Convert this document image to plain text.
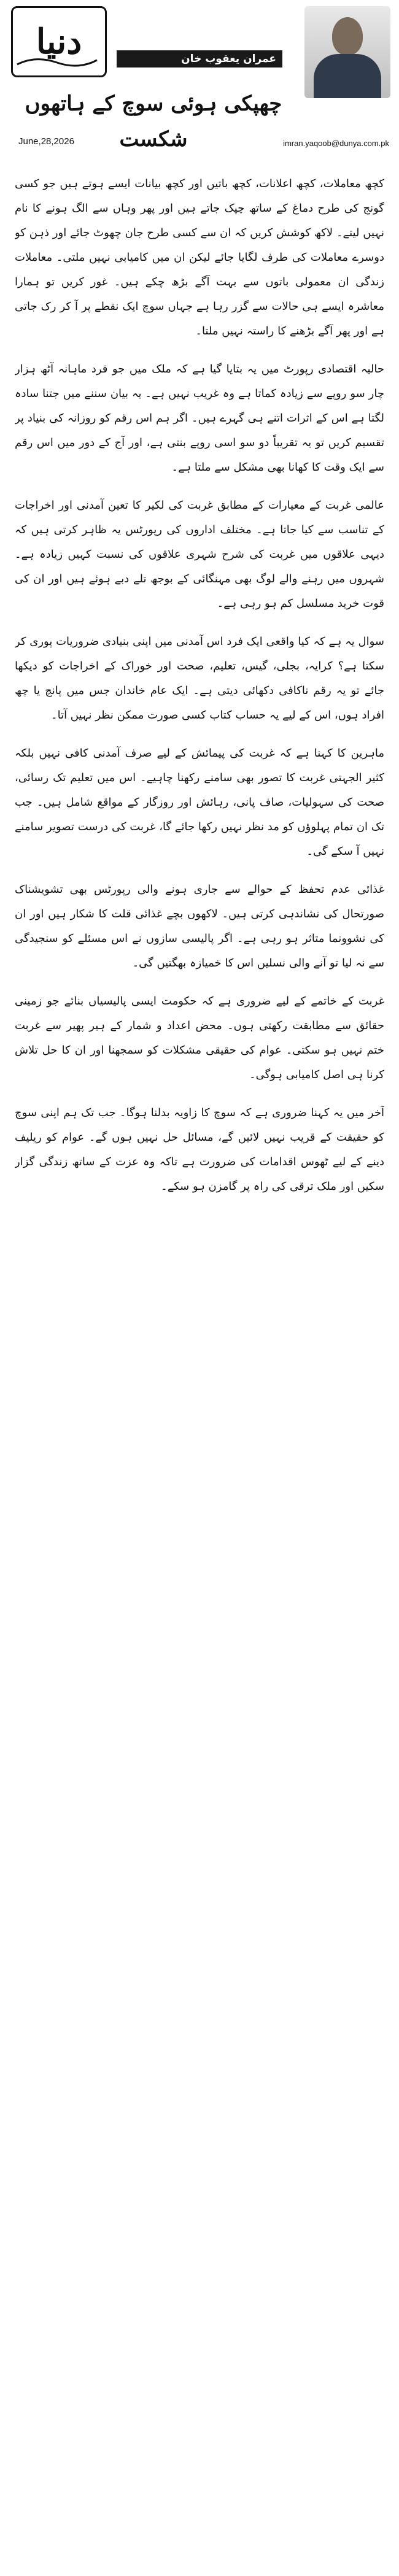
دنیا	عمران یعقوب خان
چھپکی ہوئی سوچ کے ہاتھوں شکست
June,28,2026	imran.yaqoob@dunya.com.pk

کچھ معاملات، کچھ اعلانات، کچھ باتیں اور کچھ بیانات ایسے ہوتے ہیں جو کسی گونج کی طرح دماغ کے ساتھ چپک جاتے ہیں اور پھر وہاں سے الگ ہونے کا نام نہیں لیتے۔ لاکھ کوشش کریں کہ ان سے کسی طرح جان چھوٹ جائے اور ذہن کو دوسرے معاملات کی طرف لگایا جائے لیکن ان میں کامیابی نہیں ملتی۔ معاملات زندگی ان معمولی باتوں سے بہت آگے بڑھ چکے ہیں۔ غور کریں تو ہمارا معاشرہ ایسے ہی حالات سے گزر رہا ہے جہاں سوچ ایک نقطے پر آ کر رک جاتی ہے اور پھر آگے بڑھنے کا راستہ نہیں ملتا۔

حالیہ اقتصادی رپورٹ میں یہ بتایا گیا ہے کہ ملک میں جو فرد ماہانہ آٹھ ہزار چار سو روپے سے زیادہ کماتا ہے وہ غریب نہیں ہے۔ یہ بیان سننے میں جتنا سادہ لگتا ہے اس کے اثرات اتنے ہی گہرے ہیں۔ اگر ہم اس رقم کو روزانہ کی بنیاد پر تقسیم کریں تو یہ تقریباً دو سو اسی روپے بنتی ہے، اور آج کے دور میں اس رقم سے ایک وقت کا کھانا بھی مشکل سے ملتا ہے۔

عالمی غربت کے معیارات کے مطابق غربت کی لکیر کا تعین آمدنی اور اخراجات کے تناسب سے کیا جاتا ہے۔ مختلف اداروں کی رپورٹس یہ ظاہر کرتی ہیں کہ دیہی علاقوں میں غربت کی شرح شہری علاقوں کی نسبت کہیں زیادہ ہے۔ شہروں میں رہنے والے لوگ بھی مہنگائی کے بوجھ تلے دبے ہوئے ہیں اور ان کی قوت خرید مسلسل کم ہو رہی ہے۔

سوال یہ ہے کہ کیا واقعی ایک فرد اس آمدنی میں اپنی بنیادی ضروریات پوری کر سکتا ہے؟ کرایہ، بجلی، گیس، تعلیم، صحت اور خوراک کے اخراجات کو دیکھا جائے تو یہ رقم ناکافی دکھائی دیتی ہے۔ ایک عام خاندان جس میں پانچ یا چھ افراد ہوں، اس کے لیے یہ حساب کتاب کسی صورت ممکن نظر نہیں آتا۔

ماہرین کا کہنا ہے کہ غربت کی پیمائش کے لیے صرف آمدنی کافی نہیں بلکہ کثیر الجہتی غربت کا تصور بھی سامنے رکھنا چاہیے۔ اس میں تعلیم تک رسائی، صحت کی سہولیات، صاف پانی، رہائش اور روزگار کے مواقع شامل ہیں۔ جب تک ان تمام پہلوؤں کو مد نظر نہیں رکھا جائے گا، غربت کی درست تصویر سامنے نہیں آ سکے گی۔

غذائی عدم تحفظ کے حوالے سے جاری ہونے والی رپورٹس بھی تشویشناک صورتحال کی نشاندہی کرتی ہیں۔ لاکھوں بچے غذائی قلت کا شکار ہیں اور ان کی نشوونما متاثر ہو رہی ہے۔ اگر پالیسی سازوں نے اس مسئلے کو سنجیدگی سے نہ لیا تو آنے والی نسلیں اس کا خمیازہ بھگتیں گی۔

غربت کے خاتمے کے لیے ضروری ہے کہ حکومت ایسی پالیسیاں بنائے جو زمینی حقائق سے مطابقت رکھتی ہوں۔ محض اعداد و شمار کے ہیر پھیر سے غربت ختم نہیں ہو سکتی۔ عوام کی حقیقی مشکلات کو سمجھنا اور ان کا حل تلاش کرنا ہی اصل کامیابی ہوگی۔

آخر میں یہ کہنا ضروری ہے کہ سوچ کا زاویہ بدلنا ہوگا۔ جب تک ہم اپنی سوچ کو حقیقت کے قریب نہیں لائیں گے، مسائل حل نہیں ہوں گے۔ عوام کو ریلیف دینے کے لیے ٹھوس اقدامات کی ضرورت ہے تاکہ وہ عزت کے ساتھ زندگی گزار سکیں اور ملک ترقی کی راہ پر گامزن ہو سکے۔
